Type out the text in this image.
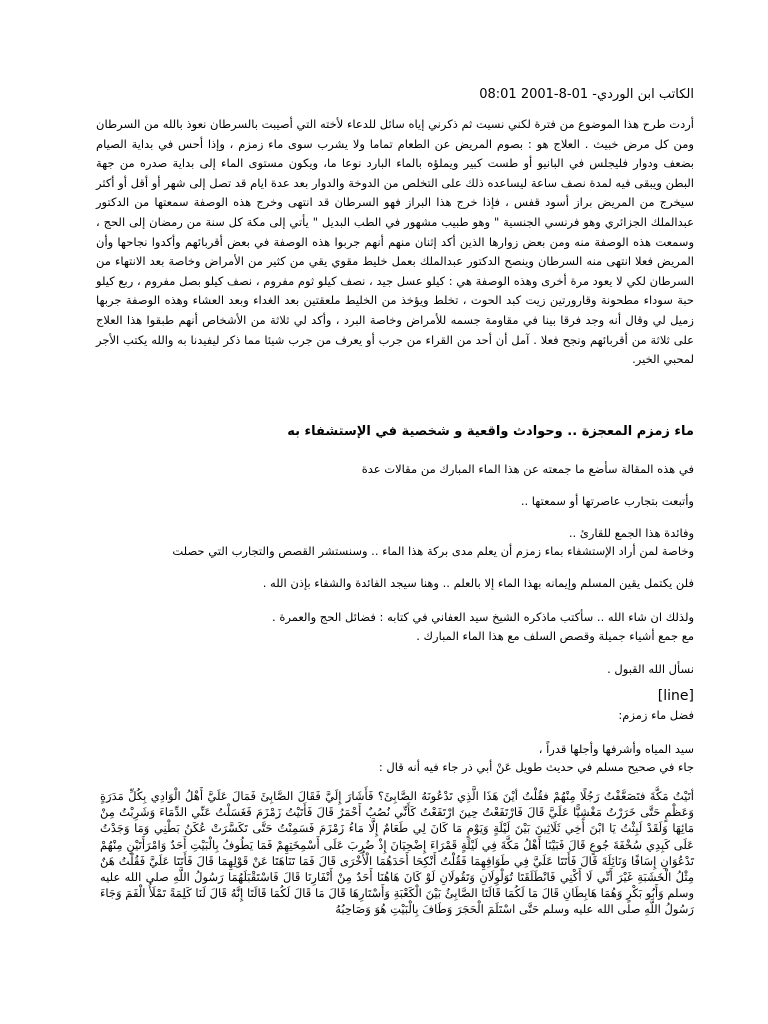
الكاتب ابن الوردي- 01-8-2001 08:01
أردت طرح هذا الموضوع من فترة لكني نسيت ثم ذكرني إياه سائل للدعاء لأخته التي أصيبت بالسرطان نعوذ بالله من السرطان ومن كل مرض خبيث . العلاج هو : بصوم المريض عن الطعام تماما ولا يشرب سوى ماء زمزم ، وإذا أحس في بداية الصيام بضعف ودوار فليجلس في البانيو أو طست كبير ويملؤه بالماء البارد نوعا ما، ويكون مستوى الماء إلى بداية صدره من جهة البطن ويبقى فيه لمدة نصف ساعة ليساعده ذلك على التخلص من الدوخة والدوار بعد عدة ايام قد تصل إلى شهر أو أقل أو أكثر سيخرج من المريض براز أسود قفس ، فإذا خرج هذا البراز فهو السرطان قد انتهى وخرج هذه الوصفة سمعتها من الدكتور عبدالملك الجزائري وهو فرنسي الجنسية " وهو طبيب مشهور في الطب البديل " يأتي إلى مكة كل سنة من رمضان إلى الحج ، وسمعت هذه الوصفة منه ومن بعض زوارها الذين أكد إثنان منهم أنهم جربوا هذه الوصفة في بعض أقربائهم وأكدوا نجاحها وأن المريض فعلا انتهى منه السرطان وينصح الدكتور عبدالملك بعمل خليط مقوي يقي من كثير من الأمراض وخاصة بعد الانتهاء من السرطان لكي لا يعود مرة أخرى وهذه الوصفة هي : كيلو عسل جيد ، نصف كيلو ثوم مفروم ، نصف كيلو بصل مفروم ، ربع كيلو حبة سوداء مطحونة وقارورتين زيت كبد الحوت ، تخلط ويؤخذ من الخليط ملعقتين بعد الغداء وبعد العشاء وهذه الوصفة جربها زميل لي وقال أنه وجد فرقا بينا في مقاومة جسمه للأمراض وخاصة البرد ، وأكد لي ثلاثة من الأشخاص أنهم طبقوا هذا العلاج على ثلاثة من أقربائهم ونجح فعلا . آمل أن أحد من القراء من جرب أو يعرف من جرب شيئا مما ذكر ليفيدنا به والله يكتب الأجر لمحبي الخير.
ماء زمزم المعجزة .. وحوادث واقعية و شخصية في الإستشفاء به
في هذه المقالة سأضع ما جمعته عن هذا الماء المبارك من مقالات عدة
وأتبعت بتجارب عاصرتها أو سمعتها ..
وفائدة هذا الجمع للقارئ ..
وخاصة لمن أراد الإستشفاء بماء زمزم أن يعلم مدى بركة هذا الماء .. وسنستشر القصص والتجارب التي حصلت
فلن يكتمل يقين المسلم وإيمانه بهذا الماء إلا بالعلم .. وهنا سيجد الفائدة والشفاء بإذن الله .
ولذلك ان شاء الله .. سأكتب ماذكره الشيخ سيد العفاني في كتابه : فضائل الحج والعمرة .
مع جمع أشياء جميلة وقصص السلف مع هذا الماء المبارك .
نسأل الله القبول .
[line]
فضل ماء زمزم:
سيد المياه وأشرفها وأجلها قدراً ،
جاء في صحيح مسلم في حديث طويل عَنْ أبي ذر جاء فيه أنه قال :
أتَيْتُ مَكَّةَ فتَصَعَّفْتُ رَجُلًا مِنْهُمْ فقُلْتُ أيْنَ هَذَا الَّذِي تَدْعُونَهُ الصَّابِئَ؟ فَأَشَارَ إِلَيَّ فَقَالَ الصَّابِئَ فَمَالَ عَلَيَّ أَهْلُ الْوَادِي بِكُلِّ مَدَرَةٍ وَعَظْمٍ حَتَّى خَرَرْتُ مَغْشِيًّا عَلَيَّ قَالَ فَارْتَفَعْتُ حِينَ ارْتَفَعْتُ كَأَنِّي نُصُبٌ أَحْمَرُ قَالَ فَأَتَيْتُ زَمْزَمَ فَغَسَلْتُ عَنِّي الدِّمَاءَ وَشَرِبْتُ مِنْ مَائِهَا وَلَقَدْ لَبِثْتُ يَا ابْنَ أَخِي ثَلَاثِينَ بَيْنَ لَيْلَةٍ وَيَوْمٍ مَا كَانَ لِي طَعَامٌ إِلَّا مَاءُ زَمْزَمَ فَسَمِنْتُ حَتَّى تَكَسَّرَتْ عُكَنُ بَطْنِي وَمَا وَجَدْتُ عَلَى كَبِدِي سُخْفَةَ جُوعٍ قَالَ فَبَيْنَا أَهْلُ مَكَّةَ فِي لَيْلَةٍ قَمْرَاءَ إِضْحِيَانَ إِذْ ضُرِبَ عَلَى أَسْمِخَتِهِمْ فَمَا يَطُوفُ بِالْبَيْتِ أَحَدٌ وَامْرَأَتَيْنِ مِنْهُمْ تَدْعُوَانِ إِسَافًا وَنَائِلَةَ قَالَ فَأَتَتَا عَلَيَّ فِي طَوَافِهِمَا فَقُلْتُ أَنْكِحَا أَحَدَهُمَا الْأُخْرَى قَالَ فَمَا تَنَاهَتَا عَنْ قَوْلِهِمَا قَالَ فَأَتَتَا عَلَيَّ فَقُلْتُ هَنٌ مِثْلُ الْخَشَبَةِ غَيْرَ أَنِّي لَا أَكْنِي فَانْطَلَقَتَا تُوَلْوِلَانِ وَتَقُولَانِ لَوْ كَانَ هَاهُنَا أَحَدٌ مِنْ أَنْفَارِنَا قَالَ فَاسْتَقْبَلَهُمَا رَسُولُ اللَّهِ صلى الله عليه وسلم وَأَبُو بَكْرٍ وَهُمَا هَابِطَانِ قَالَ مَا لَكُمَا قَالَتَا الصَّابِئُ بَيْنَ الْكَعْبَةِ وَأَسْتَارِهَا قَالَ مَا قَالَ لَكُمَا قَالَتَا إِنَّهُ قَالَ لَنَا كَلِمَةً تَمْلَأُ الْفَمَ وَجَاءَ رَسُولُ اللَّهِ صلى الله عليه وسلم حَتَّى اسْتَلَمَ الْحَجَرَ وَطَافَ بِالْبَيْتِ هُوَ وَصَاحِبُهُ
